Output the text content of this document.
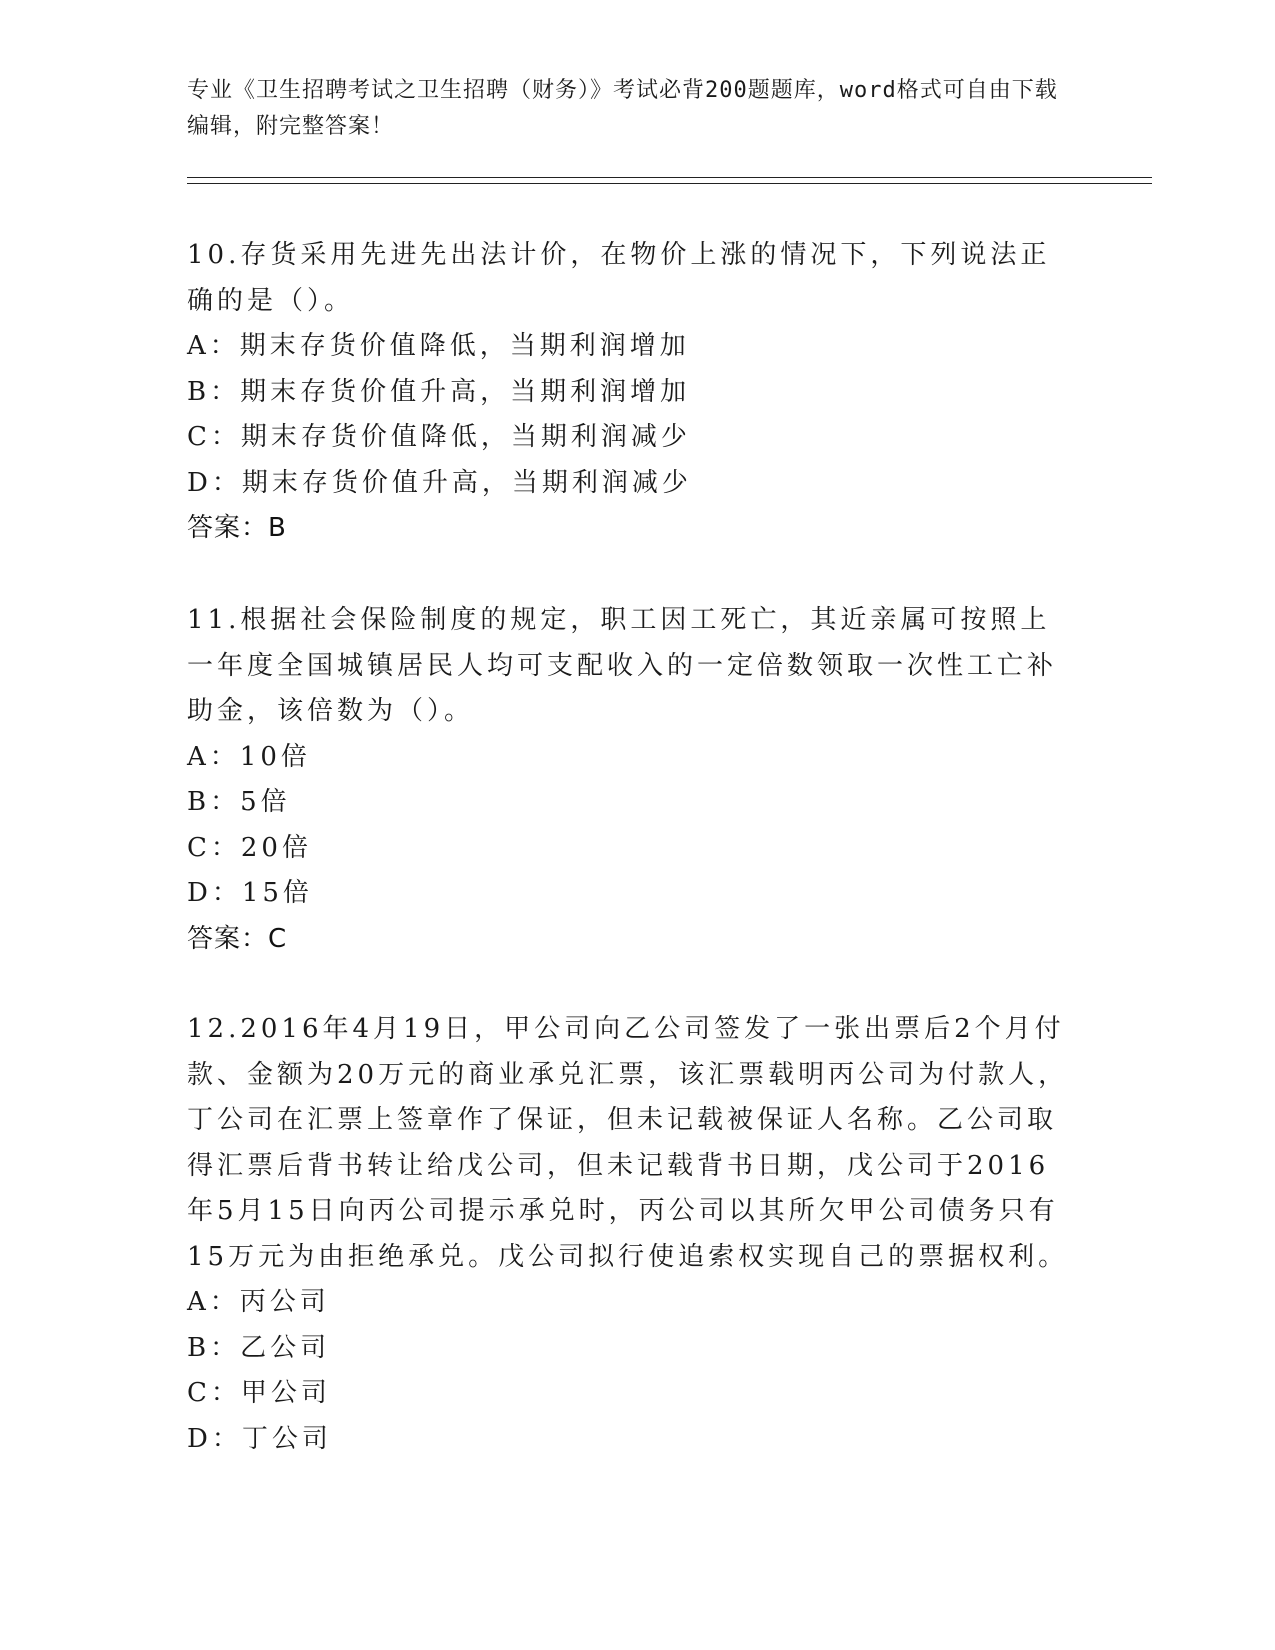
专业《卫生招聘考试之卫生招聘（财务）》考试必背200题题库，word格式可自由下载编辑，附完整答案！

10.存货采用先进先出法计价，在物价上涨的情况下，下列说法正确的是（）。

A：期末存货价值降低，当期利润增加

B：期末存货价值升高，当期利润增加

C：期末存货价值降低，当期利润减少

D：期末存货价值升高，当期利润减少

答案：B

11.根据社会保险制度的规定，职工因工死亡，其近亲属可按照上一年度全国城镇居民人均可支配收入的一定倍数领取一次性工亡补助金，该倍数为（）。

A：10倍

B：5倍

C：20倍

D：15倍

答案：C

12.2016年4月19日，甲公司向乙公司签发了一张出票后2个月付款、金额为20万元的商业承兑汇票，该汇票载明丙公司为付款人，丁公司在汇票上签章作了保证，但未记载被保证人名称。乙公司取得汇票后背书转让给戊公司，但未记载背书日期，戊公司于2016年5月15日向丙公司提示承兑时，丙公司以其所欠甲公司债务只有15万元为由拒绝承兑。戊公司拟行使追索权实现自己的票据权利。

A：丙公司

B：乙公司

C：甲公司

D：丁公司
